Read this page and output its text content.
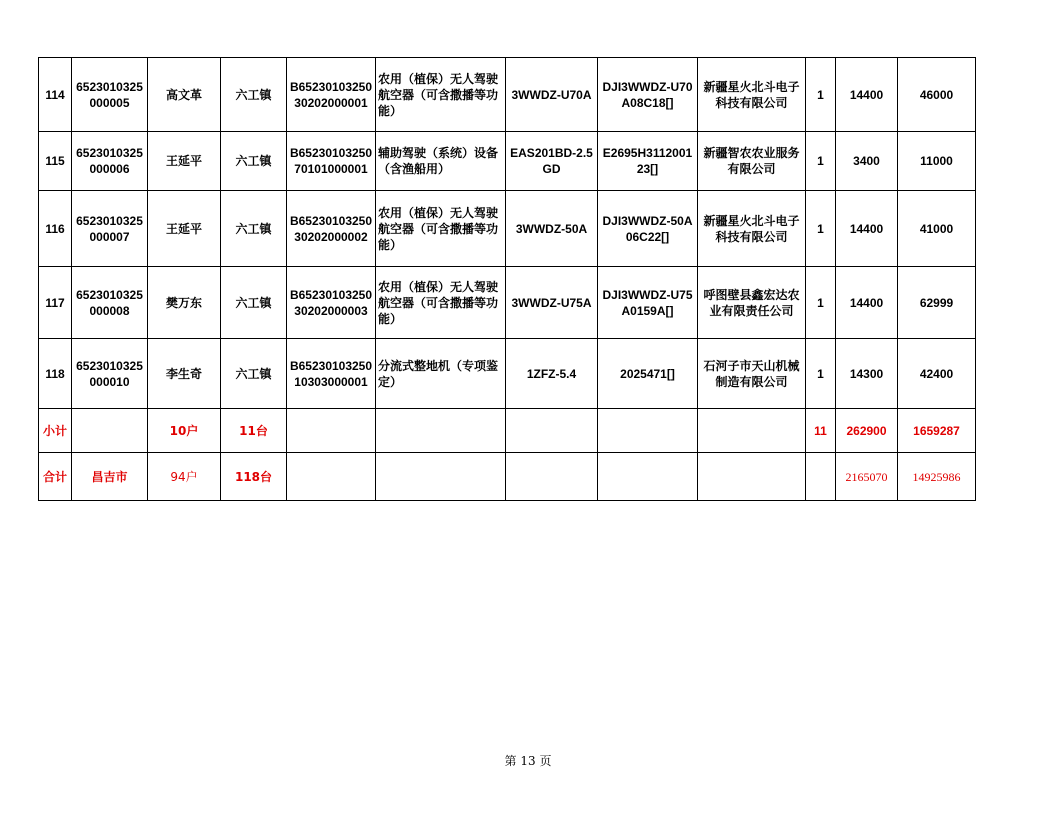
114	6523010325000005	高文革	六工镇	B6523010325030202000001	农用（植保）无人驾驶航空器（可含撒播等功能）	3WWDZ-U70A	DJI3WWDZ-U70A08C18[]	新疆星火北斗电子科技有限公司	1	14400	46000
115	6523010325000006	王延平	六工镇	B6523010325070101000001	辅助驾驶（系统）设备（含渔船用）	EAS201BD-2.5GD	E2695H311200123[]	新疆智农农业服务有限公司	1	3400	11000
116	6523010325000007	王延平	六工镇	B6523010325030202000002	农用（植保）无人驾驶航空器（可含撒播等功能）	3WWDZ-50A	DJI3WWDZ-50A06C22[]	新疆星火北斗电子科技有限公司	1	14400	41000
117	6523010325000008	樊万东	六工镇	B6523010325030202000003	农用（植保）无人驾驶航空器（可含撒播等功能）	3WWDZ-U75A	DJI3WWDZ-U75A0159A[]	呼图壁县鑫宏达农业有限责任公司	1	14400	62999
118	6523010325000010	李生奇	六工镇	B6523010325010303000001	分流式整地机（专项鉴定）	1ZFZ-5.4	2025471[]	石河子市天山机械制造有限公司	1	14300	42400
小计		10户	11台						11	262900	1659287
合计	昌吉市	94户	118台							2165070	14925986
第 13 页
